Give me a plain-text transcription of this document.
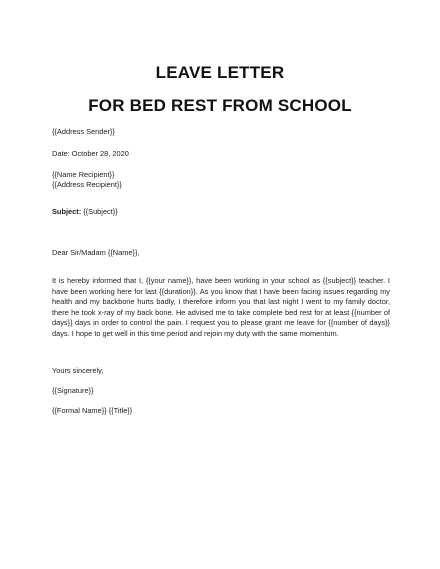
LEAVE LETTER
FOR BED REST FROM SCHOOL
{{Address Sender}}
Date: October 28, 2020
{{Name Recipient}}
{{Address Recipient}}
Subject: {{Subject}}
Dear Sir/Madam {{Name}},
It is hereby informed that I, {{your name}}, have been working in your school as {{subject}} teacher. I have been working here for last {{duration}}. As you know that I have been facing issues regarding my health and my backbone hurts badly, I therefore inform you that last night I went to my family doctor, there he took x-ray of my back bone. He advised me to take complete bed rest for at least {{number of days}} days in order to control the pain. I request you to please grant me leave for {{number of days}} days. I hope to get well in this time period and rejoin my duty with the same momentum.
Yours sincerely,
{{Signature}}
{{Formal Name}} {{Title}}
